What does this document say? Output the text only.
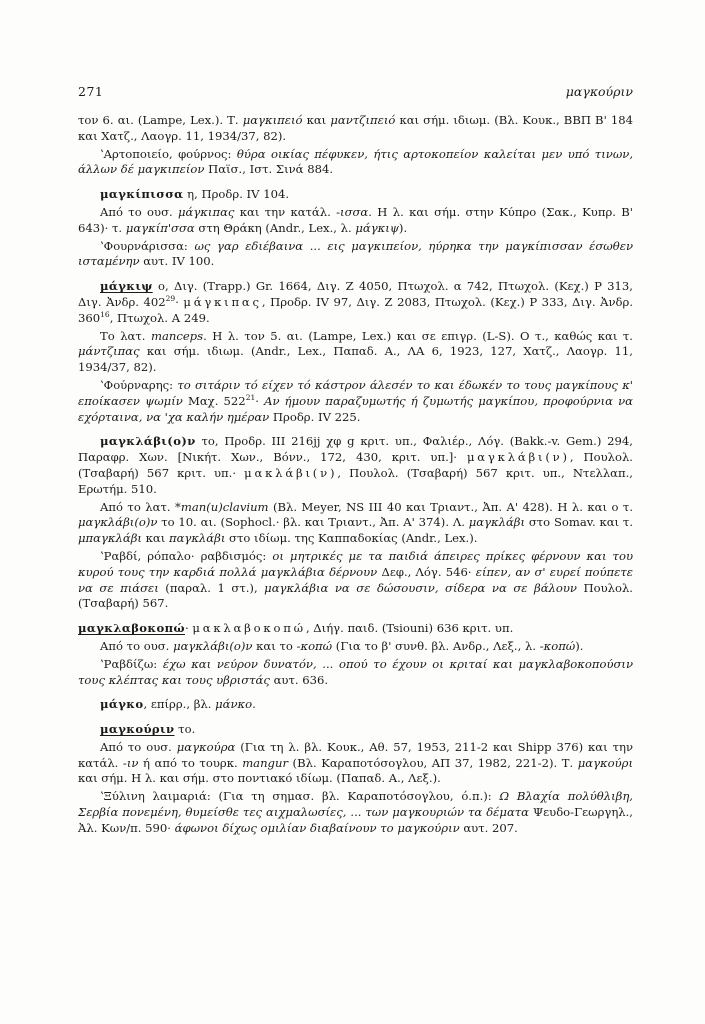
271	μαγκούριν

τον 6. αι. (Lampe, Lex.). Τ. μαγκιπειό και μαντζιπειό και σήμ. ιδιωμ. (Βλ. Κουκ., ΒΒΠ Β' 184 και Χατζ., Λαογρ. 11, 1934/37, 82).

ʽΑρτοποιείο, φούρνος: θύρα οικίας πέφυκεν, ήτις αρτοκοπείον καλείται μεν υπό τινων, άλλων δέ μαγκιπείον Παϊσ., Ιστ. Σινά 884.

μαγκίπισσα η, Προδρ. IV 104.

Από το ουσ. μάγκιπας και την κατάλ. -ισσα. Η λ. και σήμ. στην Κύπρο (Σακ., Κυπρ. Β' 643)· τ. μαγκίπ'σσα στη Θράκη (Andr., Lex., λ. μάγκιψ).

ʽΦουρνάρισσα: ως γαρ εδιέβαινα ... εις μαγκιπείον, ηύρηκα την μαγκίπισσαν έσωθεν ισταμένην αυτ. IV 100.

μάγκιψ ο, Διγ. (Trapp.) Gr. 1664, Διγ. Z 4050, Πτωχολ. α 742, Πτωχολ. (Κεχ.) P 313, Διγ. Ἀνδρ. $402^{29}\cdot \mu ά\gamma\kappa\iota\pi\alpha\varsigma$, Προδρ. IV 97, Διγ. Ζ 2083, Πτωχολ. (Κεχ.) P 333, Διγ. Ἀνδρ. $360^{16}$, Πτωχολ. Α 249.

Το λατ. manceps. Η λ. τον 5. αι. (Lampe, Lex.) και σε επιγρ. (L-S). Ο τ., καθώς και τ. μάντζιπας και σήμ. ιδιωμ. (Andr., Lex., Παπαδ. Α., ΛΑ 6, 1923, 127, Χατζ., Λαογρ. 11, 1934/37, 82).

ʽΦούρναρης: το σιτάριν τό είχεν τό κάστρον άλεσέν το και έδωκέν το τους μαγκίπους κ' εποίκασεν ψωμίν Μαχ. $522^{21}\cdot A\nu$ ήμουν παραζυμωτής ή ζυμωτής μαγκίπου, προφούρνια να εχόρταινα, να 'χα καλήν ημέραν Προδρ. IV 225.

μαγκλάβι(ο)ν το, Προδρ. III 216jj χφ g κριτ. υπ., Φαλιέρ., Λόγ. (Bakk.-v. Gem.) 294, Παραφρ. Χων. [Νικήτ. Χων., Βόνν., 172, 430, κριτ. υπ.]· μαγκλάβι(ν), Πουλολ. (Τσαβαρή) 567 κριτ. υπ.· μακλάβι(ν), Πουλολ. (Τσαβαρή) 567 κριτ. υπ., Ντελλαπ., Ερωτήμ. 510.

Από το λατ. *man(u)clavium (Βλ. Meyer, NS III 40 και Τριαντ., Ἀπ. Α' 428). Η λ. και ο τ. μαγκλάβι(ο)ν το 10. αι. (Sophocl.· βλ. και Τριαντ., Ἀπ. Α' 374). Λ. μαγκλάβι στο Somav. και τ. μπαγκλάβι και παγκλάβι στο ιδίωμ. της Καππαδοκίας (Andr., Lex.).

ʽΡαβδί, ρόπαλο· ραβδισμός: οι μητρικές με τα παιδιά άπειρες πρίκες φέρνουν και του κυρού τους την καρδιά πολλά μαγκλάβια δέρνουν Δεφ., Λόγ. 546· είπεν, αν σ' ευρεί πούπετε να σε πιάσει (παραλ. 1 στ.), μαγκλάβια να σε δώσουσιν, σίδερα να σε βάλουν Πουλολ. (Τσαβαρή) 567.

μαγκλαβοκοπώ· μακλαβοκοπώ, Διήγ. παιδ. (Tsiouni) 636 κριτ. υπ.

Από το ουσ. μαγκλάβι(ο)ν και το -κοπώ (Για το β' συνθ. βλ. Ανδρ., Λεξ., λ. -κοπώ).

ʽΡαβδίζω: έχω και νεύρον δυνατόν, ... οπού το έχουν οι κριταί και μαγκλαβοκοπούσιν τους κλέπτας και τους υβριστάς αυτ. 636.

μάγκο, επίρρ., βλ. μάνκο.

μαγκούριν το.

Από το ουσ. μαγκούρα (Για τη λ. βλ. Κουκ., Αθ. 57, 1953, 211-2 και Shipp 376) και την κατάλ. -ιν ή από το τουρκ. mangur (Βλ. Καραποτόσογλου, ΑΠ 37, 1982, 221-2). Τ. μαγκούρι και σήμ. Η λ. και σήμ. στο ποντιακό ιδίωμ. (Παπαδ. Α., Λεξ.).

ʽΞύλινη λαιμαριά: (Για τη σημασ. βλ. Καραποτόσογλου, ό.π.): Ω Βλαχία πολύθλιβη, Σερβία πονεμένη, θυμείσθε τες αιχμαλωσίες, ... των μαγκουριών τα δέματα Ψευδο-Γεωργηλ., Ἀλ. Κων/π. 590· άφωνοι δίχως ομιλίαν διαβαίνουν το μαγκούριν αυτ. 207.
